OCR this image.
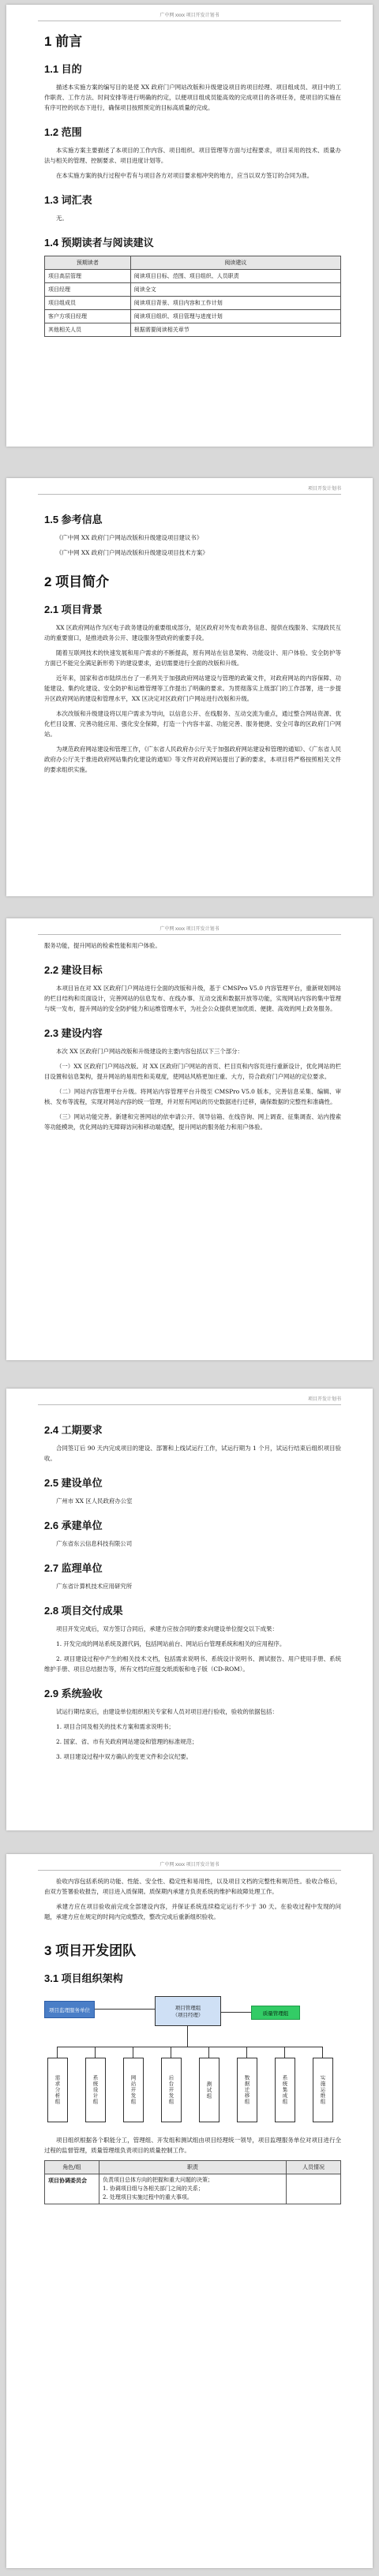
广中网 xxxx 项目开发计划书
1 前言
1.1 目的

描述本实施方案的编写目的是使 XX 政府门户网站改版和升级建设项目的项目经理、项目组成员、项目中的工作职责、工作方法、时间安排等进行明确的约定，以便项目组成员能高效的完成项目的各项任务，使项目的实施在有序可控的状态下进行，确保项目按照预定的目标高质量的完成。

1.2 范围

本实施方案主要描述了本项目的工作内容、项目组织、项目管理等方面与过程要求，项目采用的技术、质量办法与相关的管理、控制要求、项目进度计划等。

在本实施方案的执行过程中若有与项目各方对项目要求相冲突的地方，应当以双方签订的合同为准。

1.3 词汇表

无。

1.4 预期读者与阅读建议
预期读者	阅读建议
项目高层管理	阅读项目目标、范围、项目组织、人员职责
项目经理	阅读全文
项目组成员	阅读项目背景、项目内容和工作计划
客户方项目经理	阅读项目组织、项目管理与进度计划
其他相关人员	根据需要阅读相关章节
项目开发计划书
1.5 参考信息

《广中网 XX 政府门户网站改版和升级建设项目建议书》

《广中网 XX 政府门户网站改版和升级建设项目技术方案》

2 项目简介
2.1 项目背景

XX 区政府网站作为区电子政务建设的重要组成部分，是区政府对外发布政务信息、提供在线服务、实现政民互动的重要窗口，是推进政务公开、建设服务型政府的重要手段。

随着互联网技术的快速发展和用户需求的不断提高，原有网站在信息架构、功能设计、用户体验、安全防护等方面已不能完全满足新形势下的建设要求，迫切需要进行全面的改版和升级。

近年来，国家和省市陆续出台了一系列关于加强政府网站建设与管理的政策文件，对政府网站的内容保障、功能建设、集约化建设、安全防护和运维管理等工作提出了明确的要求。为贯彻落实上级部门的工作部署，进一步提升区政府网站的建设和管理水平，XX 区决定对区政府门户网站进行改版和升级。

本次改版和升级建设将以用户需求为导向，以信息公开、在线服务、互动交流为重点，通过整合网站资源、优化栏目设置、完善功能应用、强化安全保障，打造一个内容丰富、功能完善、服务便捷、安全可靠的区政府门户网站。

为规范政府网站建设和管理工作，《广东省人民政府办公厅关于加强政府网站建设和管理的通知》、《广东省人民政府办公厅关于推进政府网站集约化建设的通知》等文件对政府网站提出了新的要求，本项目将严格按照相关文件的要求组织实施。

广中网 xxxx 项目开发计划书

服务功能，提升网站的检索性能和用户体验。

2.2 建设目标

本项目旨在对 XX 区政府门户网站进行全面的改版和升级，基于 CMSPro V5.0 内容管理平台，重新规划网站的栏目结构和页面设计，完善网站的信息发布、在线办事、互动交流和数据开放等功能，实现网站内容的集中管理与统一发布，提升网站的安全防护能力和运维管理水平，为社会公众提供更加优质、便捷、高效的网上政务服务。

2.3 建设内容

本次 XX 区政府门户网站改版和升级建设的主要内容包括以下三个部分：

（一）XX 区政府门户网站改版。对 XX 区政府门户网站的首页、栏目页和内容页进行重新设计，优化网站的栏目设置和信息架构，提升网站的易用性和美观度，使网站风格更加庄重、大方，符合政府门户网站的定位要求。

（二）网站内容管理平台升级。将网站内容管理平台升级至 CMSPro V5.0 版本，完善信息采集、编辑、审核、发布等流程，实现对网站内容的统一管理，并对原有网站的历史数据进行迁移，确保数据的完整性和准确性。

（三）网站功能完善。新建和完善网站的依申请公开、领导信箱、在线咨询、网上调查、征集调查、站内搜索等功能模块，优化网站的无障碍访问和移动端适配，提升网站的服务能力和用户体验。

项目开发计划书
2.4 工期要求

合同签订后 90 天内完成项目的建设、部署和上线试运行工作，试运行期为 1 个月，试运行结束后组织项目验收。

2.5 建设单位

广州市 XX 区人民政府办公室

2.6 承建单位

广东省东云信息科技有限公司

2.7 监理单位

广东省计算机技术应用研究所

2.8 项目交付成果

项目开发完成后，双方签订合同后，承建方应按合同的要求向建设单位提交以下成果：

1. 开发完成的网站系统及源代码，包括网站前台、网站后台管理系统和相关的应用程序。

2. 项目建设过程中产生的相关技术文档，包括需求说明书、系统设计说明书、测试报告、用户使用手册、系统维护手册、项目总结报告等，所有文档均应提交纸质版和电子版（CD-ROM）。

2.9 系统验收

试运行期结束后，由建设单位组织相关专家和人员对项目进行验收，验收的依据包括：

1. 项目合同及相关的技术方案和需求说明书；

2. 国家、省、市有关政府网站建设和管理的标准规范；

3. 项目建设过程中双方确认的变更文件和会议纪要。

广中网 xxxx 项目开发计划书

验收内容包括系统的功能、性能、安全性、稳定性和易用性，以及项目文档的完整性和规范性。验收合格后，由双方签署验收报告，项目进入质保期。质保期内承建方负责系统的维护和故障处理工作。

承建方应在项目验收前完成全部建设内容，并保证系统连续稳定运行不少于 30 天。在验收过程中发现的问题，承建方应在规定的时间内完成整改，整改完成后重新组织验收。

3 项目开发团队
3.1 项目组织架构
项目监理服务单位	项目管理组
（项目经理）	质量管理组
需求分析组	系统设计组	网站开发组	后台开发组	测试组	数据迁移组	系统集成组	实施运维组

项目组织根据各个职能分工，管理组、开发组和测试组由项目经理统一领导，项目监理服务单位对项目进行全过程的监督管理，质量管理组负责项目的质量控制工作。

角色/组	职责	人员情况
项目协调委员会	负责项目总体方向的把握和重大问题的决策；
1. 协调项目组与各相关部门之间的关系；
2. 处理项目实施过程中的重大事项。	
